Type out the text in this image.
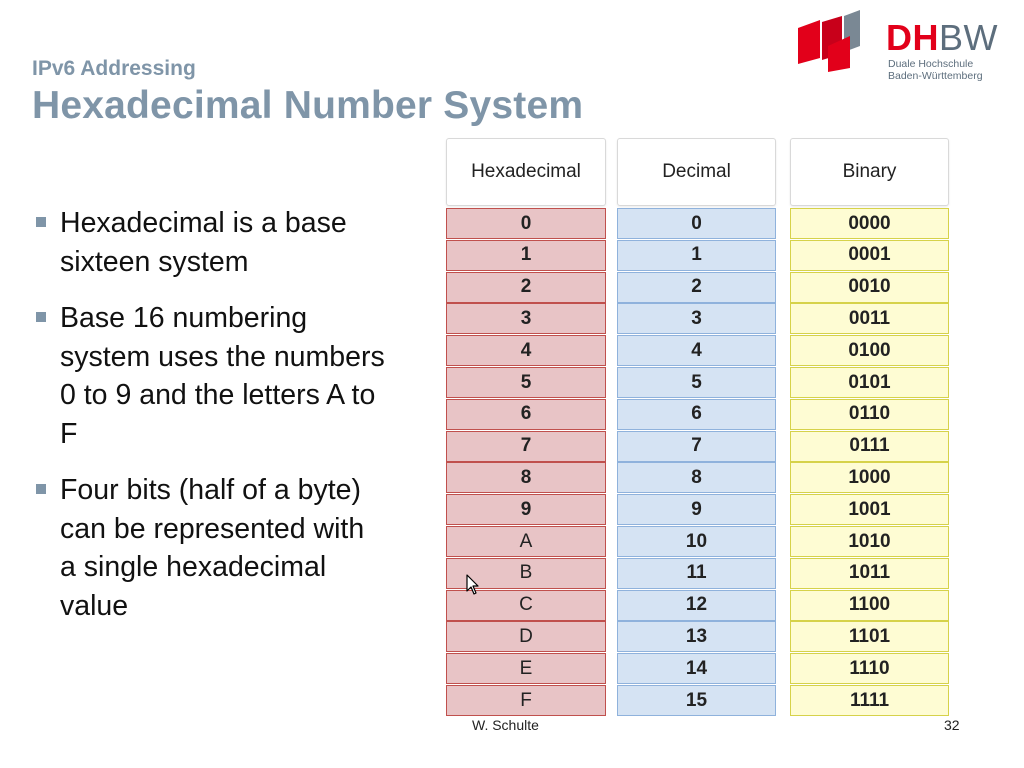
IPv6 Addressing
Hexadecimal Number System
DHBW
Duale Hochschule
Baden-Württemberg
Hexadecimal is a base sixteen system
Base 16 numbering system uses the numbers 0 to 9 and the letters A to F
Four bits (half of a byte) can be represented with a single hexadecimal value
Hexadecimal
0
1
2
3
4
5
6
7
8
9
A
B
C
D
E
F
Decimal
0
1
2
3
4
5
6
7
8
9
10
11
12
13
14
15
Binary
0000
0001
0010
0011
0100
0101
0110
0111
1000
1001
1010
1011
1100
1101
1110
1111
W. Schulte	32
